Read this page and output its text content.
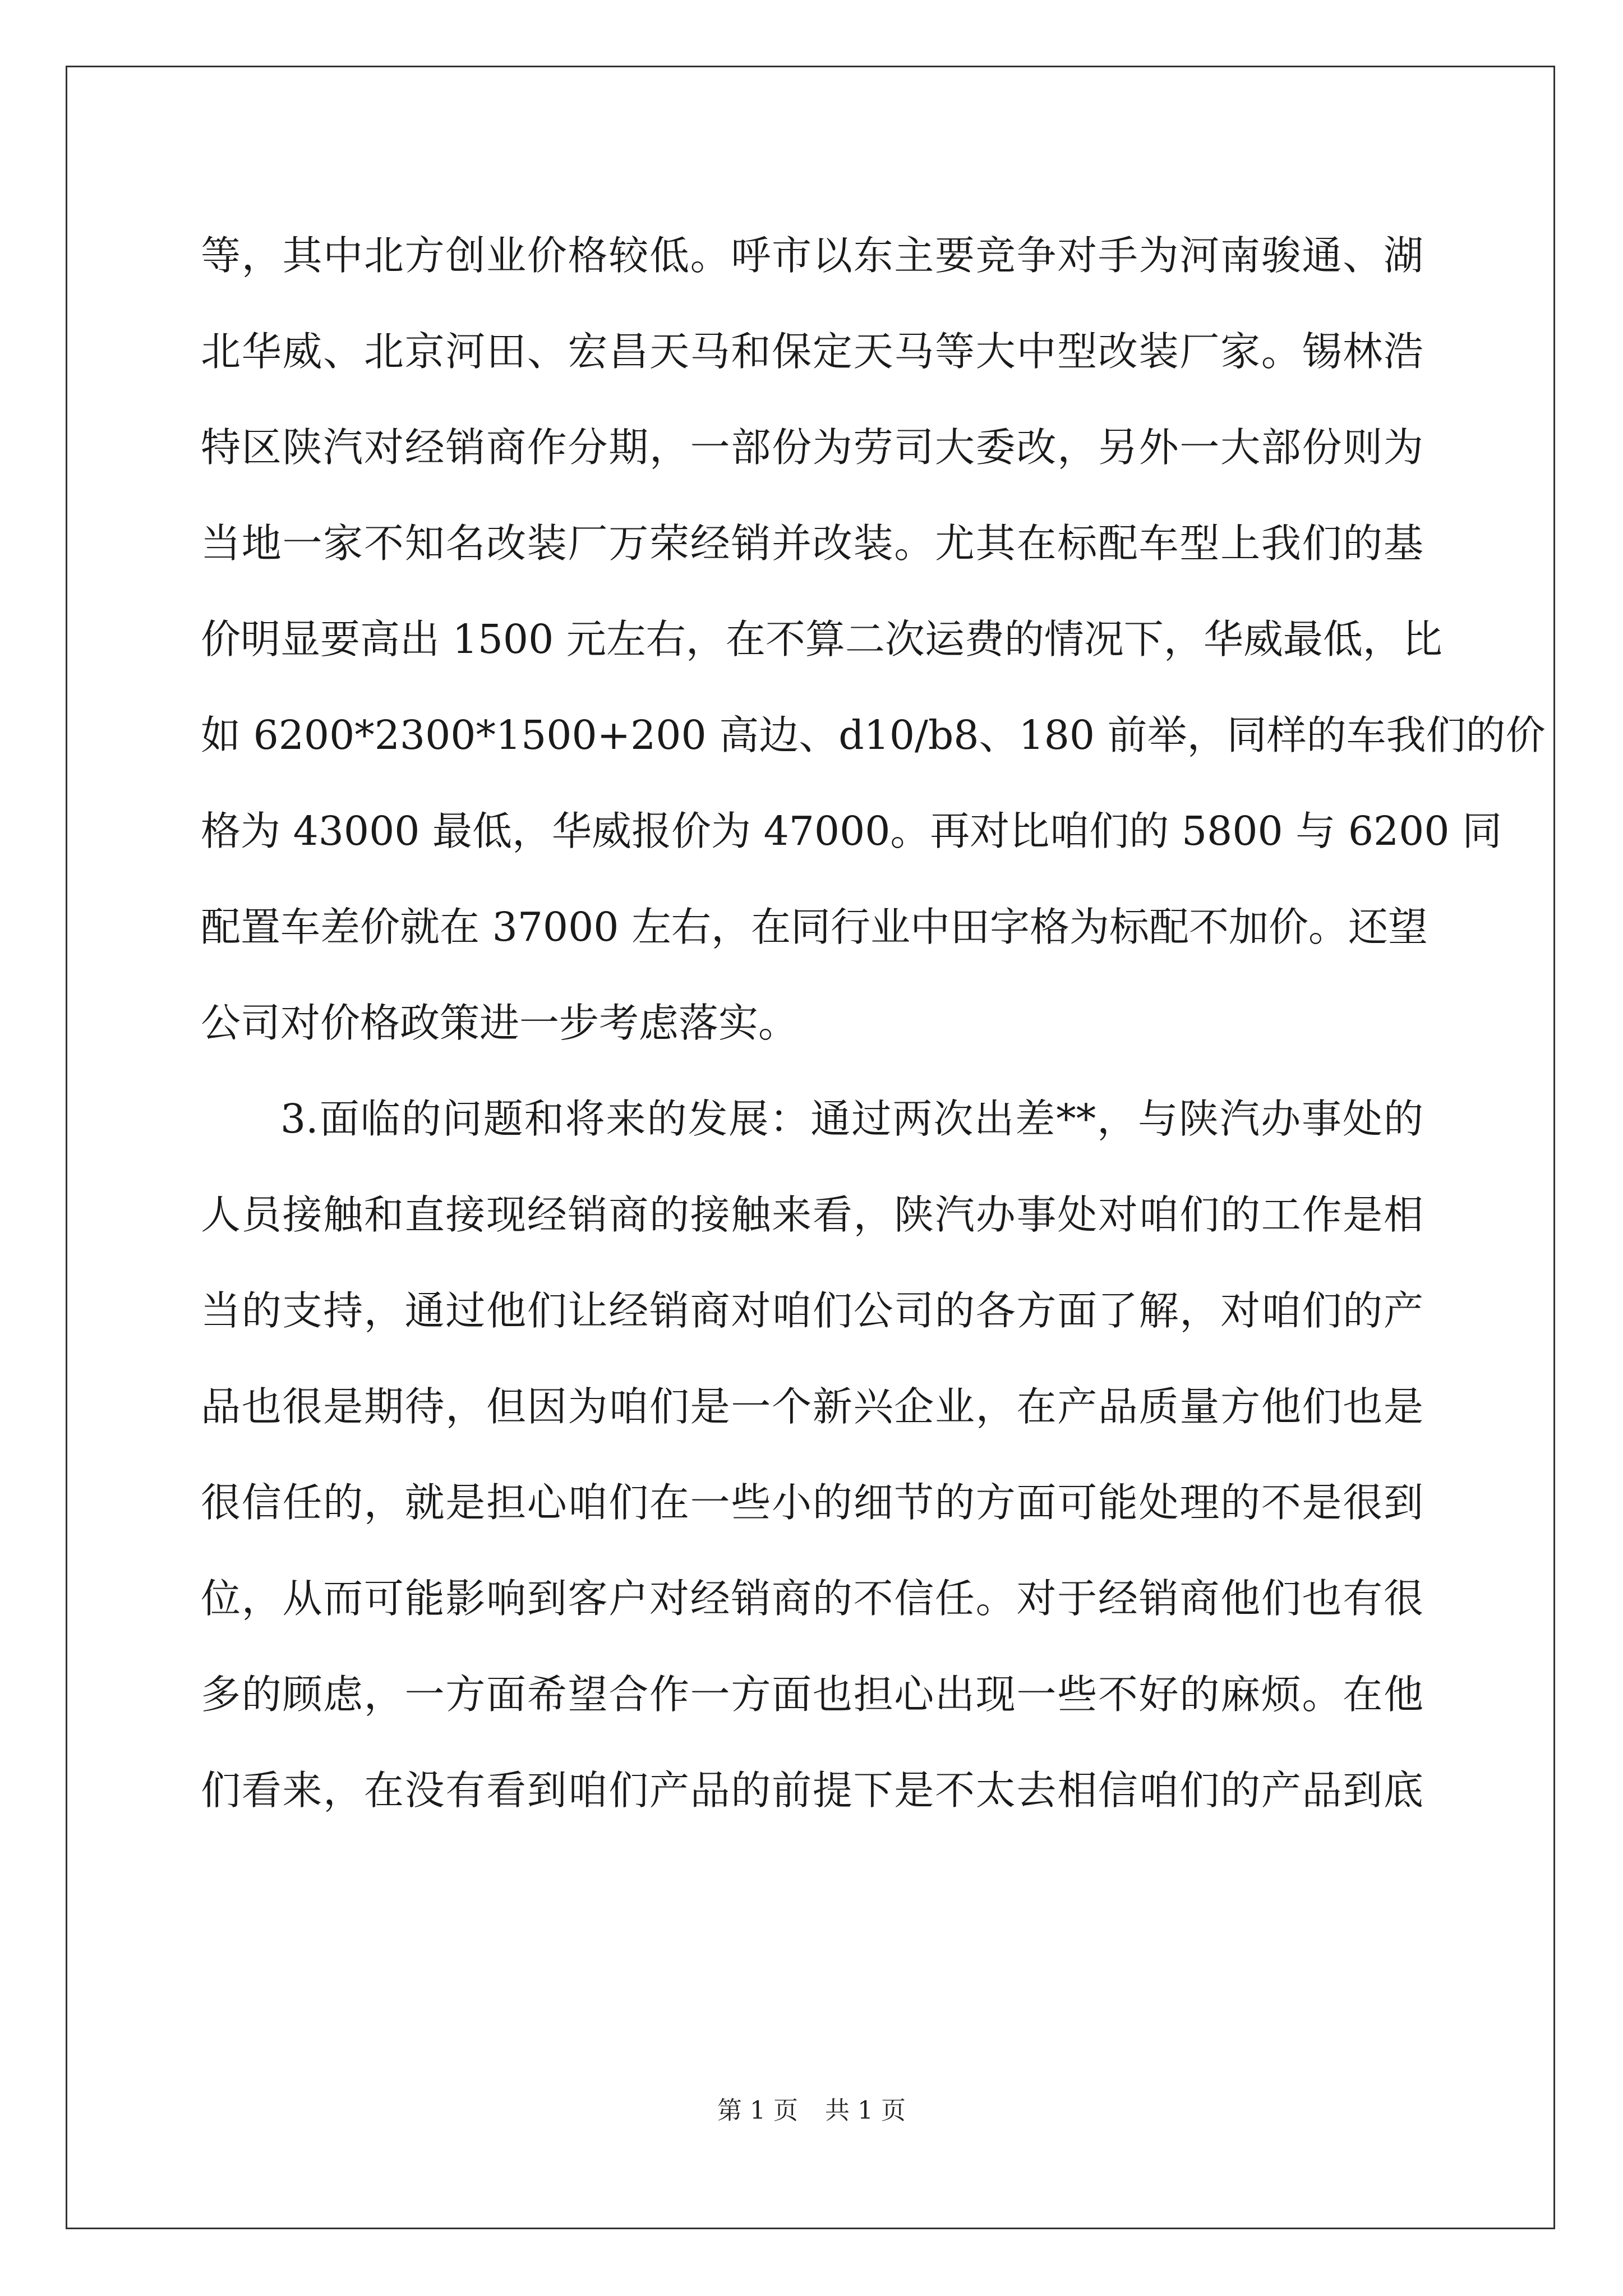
等，其中北方创业价格较低。呼市以东主要竞争对手为河南骏通、湖
北华威、北京河田、宏昌天马和保定天马等大中型改装厂家。锡林浩
特区陕汽对经销商作分期，一部份为劳司大委改，另外一大部份则为
当地一家不知名改装厂万荣经销并改装。尤其在标配车型上我们的基
价明显要高出 1500 元左右，在不算二次运费的情况下，华威最低，比
如 6200*2300*1500+200 高边、d10/b8、180 前举，同样的车我们的价
格为 43000 最低，华威报价为 47000。再对比咱们的 5800 与 6200 同
配置车差价就在 37000 左右，在同行业中田字格为标配不加价。还望
公司对价格政策进一步考虑落实。
3.面临的问题和将来的发展：通过两次出差**，与陕汽办事处的
人员接触和直接现经销商的接触来看，陕汽办事处对咱们的工作是相
当的支持，通过他们让经销商对咱们公司的各方面了解，对咱们的产
品也很是期待，但因为咱们是一个新兴企业，在产品质量方他们也是
很信任的，就是担心咱们在一些小的细节的方面可能处理的不是很到
位，从而可能影响到客户对经销商的不信任。对于经销商他们也有很
多的顾虑，一方面希望合作一方面也担心出现一些不好的麻烦。在他
们看来，在没有看到咱们产品的前提下是不太去相信咱们的产品到底
第 1 页 共 1 页
